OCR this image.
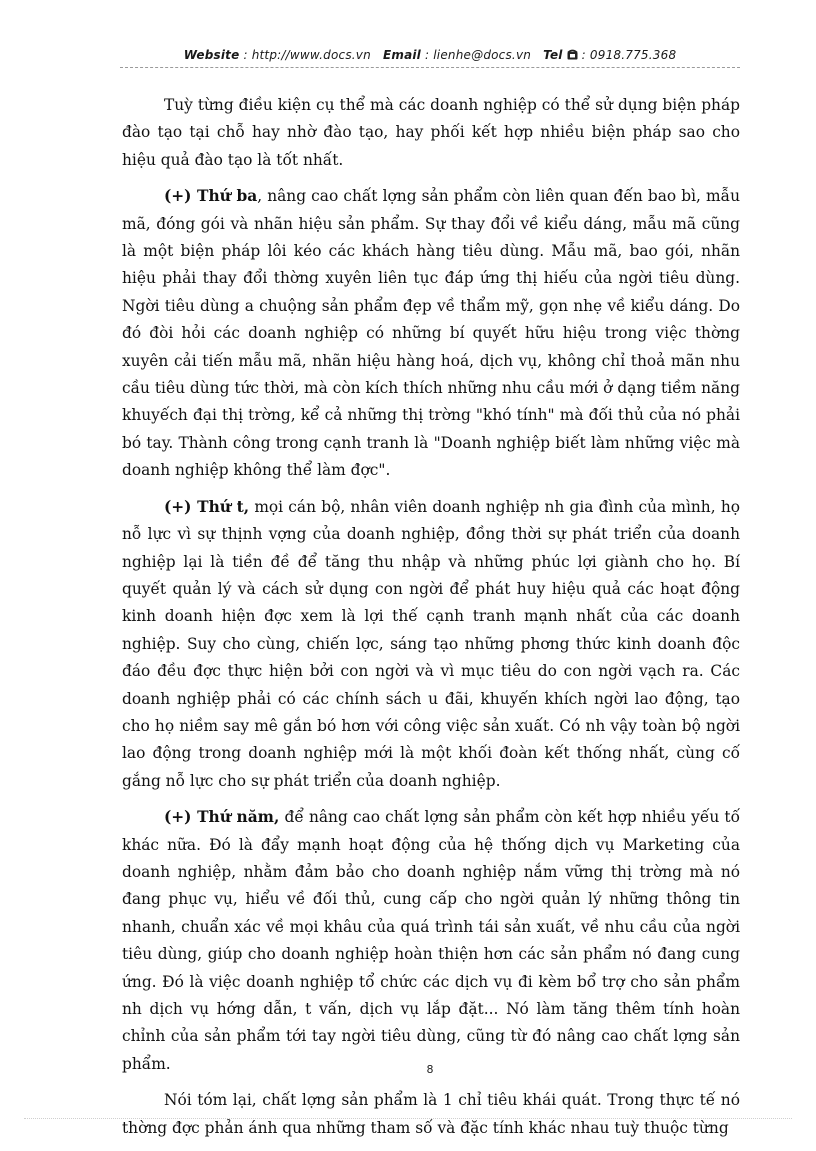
Website : http://www.docs.vn Email : lienhe@docs.vn Tel : 0918.775.368

Tuỳ từng điều kiện cụ thể mà các doanh nghiệp có thể sử dụng biện pháp đào tạo tại chỗ hay nhờ đào tạo, hay phối kết hợp nhiều biện pháp sao cho hiệu quả đào tạo là tốt nhất.

(+) Thứ ba, nâng cao chất lợng sản phẩm còn liên quan đến bao bì, mẫu mã, đóng gói và nhãn hiệu sản phẩm. Sự thay đổi về kiểu dáng, mẫu mã cũng là một biện pháp lôi kéo các khách hàng tiêu dùng. Mẫu mã, bao gói, nhãn hiệu phải thay đổi thờng xuyên liên tục đáp ứng thị hiếu của ngời tiêu dùng. Ngời tiêu dùng a chuộng sản phẩm đẹp về thẩm mỹ, gọn nhẹ về kiểu dáng. Do đó đòi hỏi các doanh nghiệp có những bí quyết hữu hiệu trong việc thờng xuyên cải tiến mẫu mã, nhãn hiệu hàng hoá, dịch vụ, không chỉ thoả mãn nhu cầu tiêu dùng tức thời, mà còn kích thích những nhu cầu mới ở dạng tiềm năng khuyếch đại thị trờng, kể cả những thị trờng "khó tính" mà đối thủ của nó phải bó tay. Thành công trong cạnh tranh là "Doanh nghiệp biết làm những việc mà doanh nghiệp không thể làm đợc".

(+) Thứ t, mọi cán bộ, nhân viên doanh nghiệp nh gia đình của mình, họ nỗ lực vì sự thịnh vợng của doanh nghiệp, đồng thời sự phát triển của doanh nghiệp lại là tiền đề để tăng thu nhập và những phúc lợi giành cho họ. Bí quyết quản lý và cách sử dụng con ngời để phát huy hiệu quả các hoạt động kinh doanh hiện đợc xem là lợi thế cạnh tranh mạnh nhất của các doanh nghiệp. Suy cho cùng, chiến lợc, sáng tạo những phơng thức kinh doanh độc đáo đều đợc thực hiện bởi con ngời và vì mục tiêu do con ngời vạch ra. Các doanh nghiệp phải có các chính sách u đãi, khuyến khích ngời lao động, tạo cho họ niềm say mê gắn bó hơn với công việc sản xuất. Có nh vậy toàn bộ ngời lao động trong doanh nghiệp mới là một khối đoàn kết thống nhất, cùng cố gắng nỗ lực cho sự phát triển của doanh nghiệp.

(+) Thứ năm, để nâng cao chất lợng sản phẩm còn kết hợp nhiều yếu tố khác nữa. Đó là đẩy mạnh hoạt động của hệ thống dịch vụ Marketing của doanh nghiệp, nhằm đảm bảo cho doanh nghiệp nắm vững thị trờng mà nó đang phục vụ, hiểu về đối thủ, cung cấp cho ngời quản lý những thông tin nhanh, chuẩn xác về mọi khâu của quá trình tái sản xuất, về nhu cầu của ngời tiêu dùng, giúp cho doanh nghiệp hoàn thiện hơn các sản phẩm nó đang cung ứng. Đó là việc doanh nghiệp tổ chức các dịch vụ đi kèm bổ trợ cho sản phẩm nh dịch vụ hớng dẫn, t vấn, dịch vụ lắp đặt... Nó làm tăng thêm tính hoàn chỉnh của sản phẩm tới tay ngời tiêu dùng, cũng từ đó nâng cao chất lợng sản phẩm.

Nói tóm lại, chất lợng sản phẩm là 1 chỉ tiêu khái quát. Trong thực tế nó thờng đợc phản ánh qua những tham số và đặc tính khác nhau tuỳ thuộc từng

8
